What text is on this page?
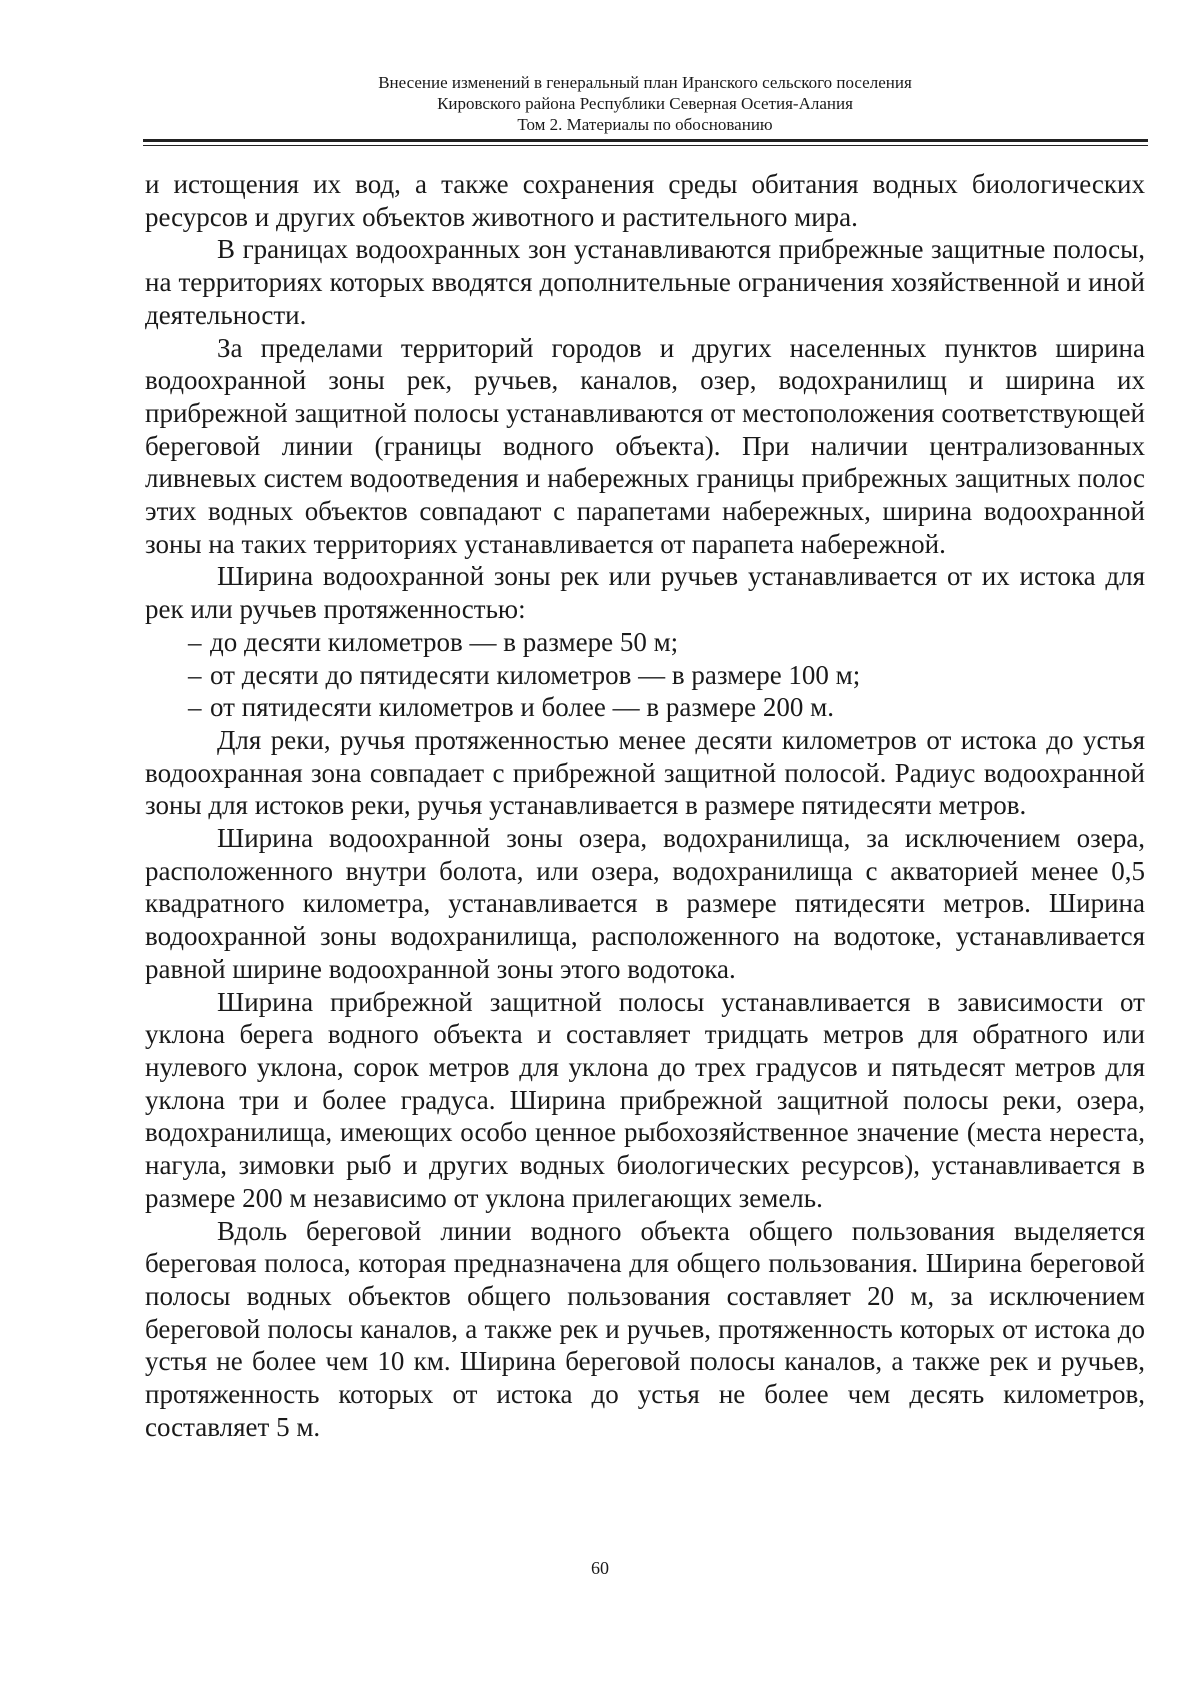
Внесение изменений в генеральный план Иранского сельского поселения
Кировского района Республики Северная Осетия-Алания
Том 2. Материалы по обоснованию

и истощения их вод, а также сохранения среды обитания водных биологических ресурсов и других объектов животного и растительного мира.

В границах водоохранных зон устанавливаются прибрежные защитные полосы, на территориях которых вводятся дополнительные ограничения хозяйственной и иной деятельности.

За пределами территорий городов и других населенных пунктов ширина водоохранной зоны рек, ручьев, каналов, озер, водохранилищ и ширина их прибрежной защитной полосы устанавливаются от местоположения соответствующей береговой линии (границы водного объекта). При наличии централизованных ливневых систем водоотведения и набережных границы прибрежных защитных полос этих водных объектов совпадают с парапетами набережных, ширина водоохранной зоны на таких территориях устанавливается от парапета набережной.

Ширина водоохранной зоны рек или ручьев устанавливается от их истока для рек или ручьев протяженностью:

– до десяти километров — в размере 50 м;
– от десяти до пятидесяти километров — в размере 100 м;
– от пятидесяти километров и более — в размере 200 м.

Для реки, ручья протяженностью менее десяти километров от истока до устья водоохранная зона совпадает с прибрежной защитной полосой. Радиус водоохранной зоны для истоков реки, ручья устанавливается в размере пятидесяти метров.

Ширина водоохранной зоны озера, водохранилища, за исключением озера, расположенного внутри болота, или озера, водохранилища с акваторией менее 0,5 квадратного километра, устанавливается в размере пятидесяти метров. Ширина водоохранной зоны водохранилища, расположенного на водотоке, устанавливается равной ширине водоохранной зоны этого водотока.

Ширина прибрежной защитной полосы устанавливается в зависимости от уклона берега водного объекта и составляет тридцать метров для обратного или нулевого уклона, сорок метров для уклона до трех градусов и пятьдесят метров для уклона три и более градуса. Ширина прибрежной защитной полосы реки, озера, водохранилища, имеющих особо ценное рыбохозяйственное значение (места нереста, нагула, зимовки рыб и других водных биологических ресурсов), устанавливается в размере 200 м независимо от уклона прилегающих земель.

Вдоль береговой линии водного объекта общего пользования выделяется береговая полоса, которая предназначена для общего пользования. Ширина береговой полосы водных объектов общего пользования составляет 20 м, за исключением береговой полосы каналов, а также рек и ручьев, протяженность которых от истока до устья не более чем 10 км. Ширина береговой полосы каналов, а также рек и ручьев, протяженность которых от истока до устья не более чем десять километров, составляет 5 м.

60
